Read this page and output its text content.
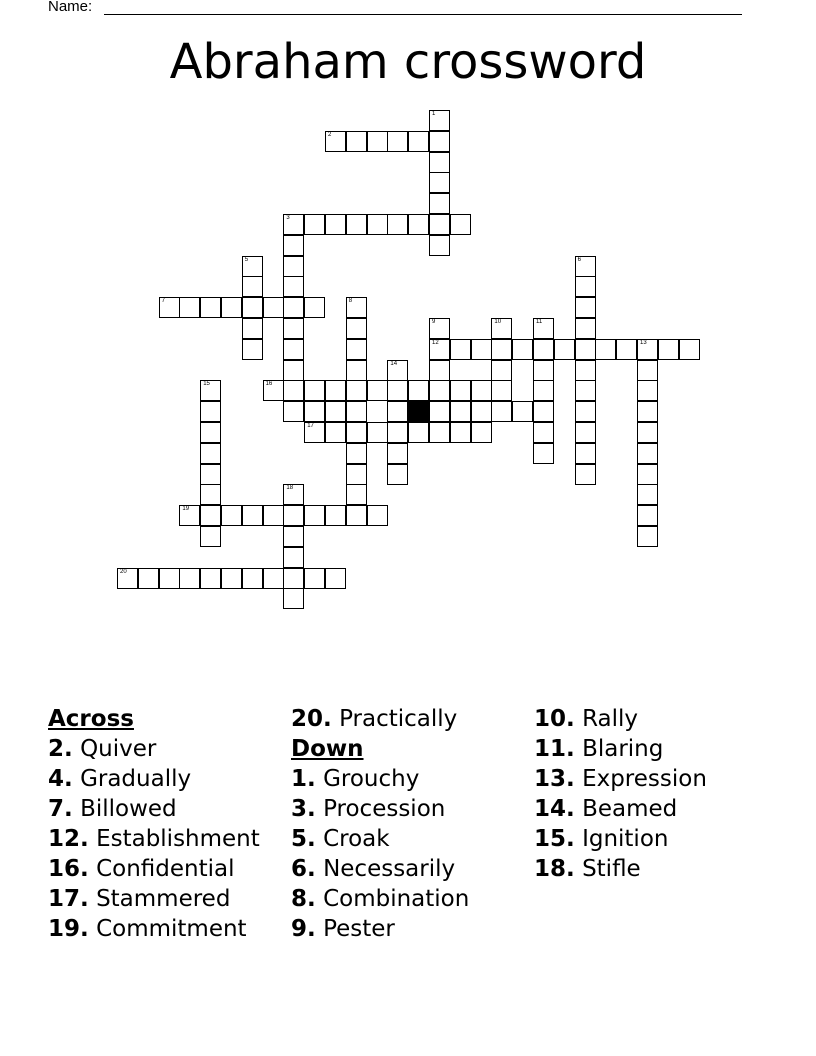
Name:
Abraham crossword
1
2
3
5	6
7	8
9
12
10	11
13
14
15	16
17
18
19
20
Across
2. Quiver
4. Gradually
7. Billowed
12. Establishment
16. Confidential
17. Stammered
19. Commitment
20. Practically
Down
1. Grouchy
3. Procession
5. Croak
6. Necessarily
8. Combination
9. Pester
10. Rally
11. Blaring
13. Expression
14. Beamed
15. Ignition
18. Stifle
